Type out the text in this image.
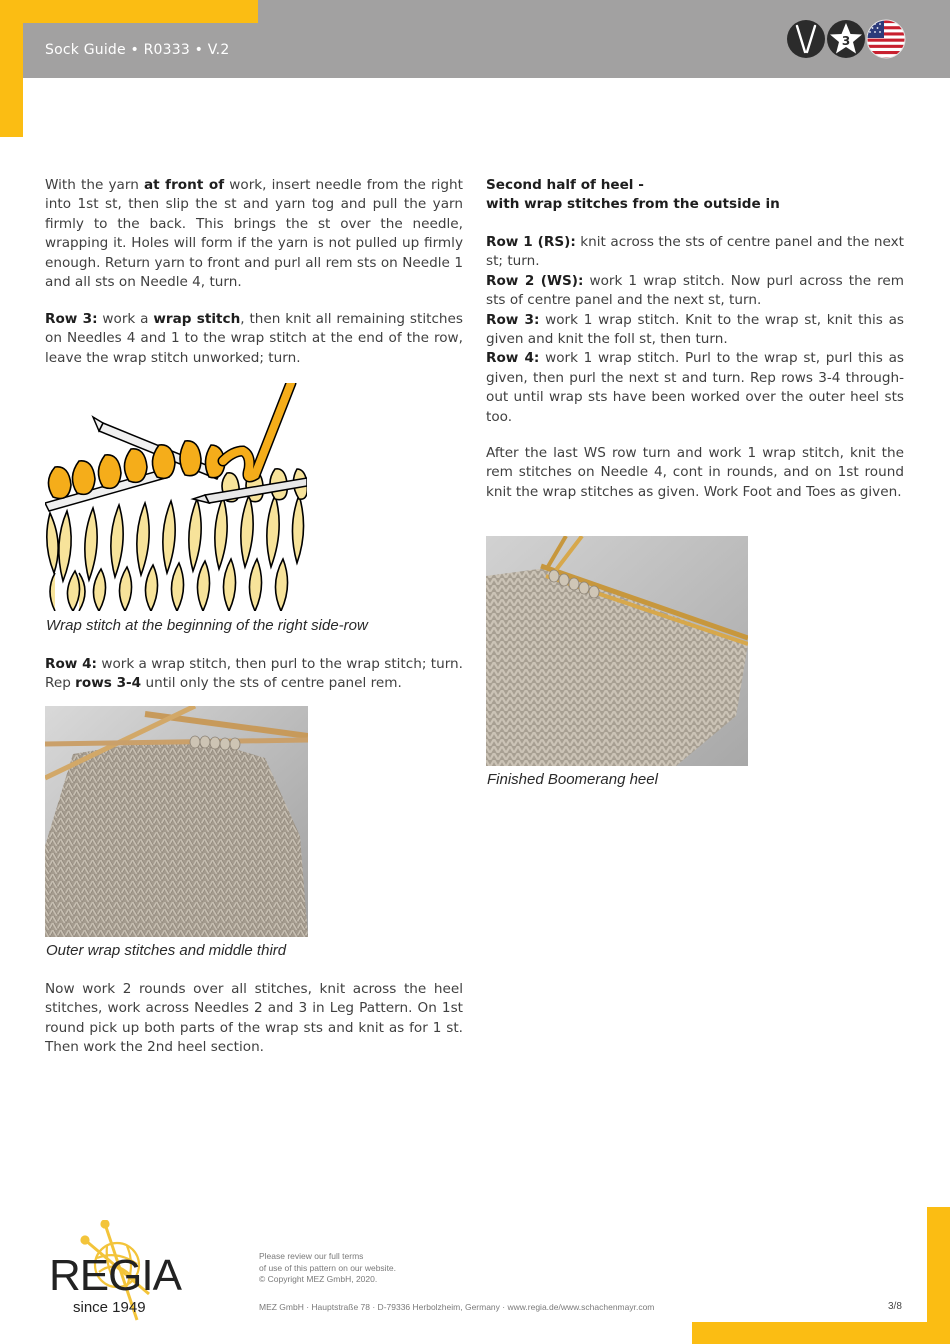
Sock Guide • R0333 • V.2
3

With the yarn at front of work, insert needle from the right into 1st st, then slip the st and yarn tog and pull the yarn firmly to the back. This brings the st over the needle, wrapping it. Holes will form if the yarn is not pulled up firmly enough. Return yarn to front and purl all rem sts on Needle 1 and all sts on Needle 4, turn.

Row 3: work a wrap stitch, then knit all remaining stitches on Needles 4 and 1 to the wrap stitch at the end of the row, leave the wrap stitch unworked; turn.

Wrap stitch at the beginning of the right side-row

Row 4: work a wrap stitch, then purl to the wrap stitch; turn. Rep rows 3-4 until only the sts of centre panel rem.

Outer wrap stitches and middle third

Now work 2 rounds over all stitches, knit across the heel stitches, work across Needles 2 and 3 in Leg Pattern. On 1st round pick up both parts of the wrap sts and knit as for 1 st. Then work the 2nd heel section.

Second half of heel -
with wrap stitches from the outside in

Row 1 (RS): knit across the sts of centre panel and the next st; turn.

Row 2 (WS): work 1 wrap stitch. Now purl across the rem sts of centre panel and the next st, turn.

Row 3: work 1 wrap stitch. Knit to the wrap st, knit this as given and knit the foll st, then turn.

Row 4: work 1 wrap stitch. Purl to the wrap st, purl this as given, then purl the next st and turn. Rep rows 3-4 throughout until wrap sts have been worked over the outer heel sts too.

After the last WS row turn and work 1 wrap stitch, knit the rem stitches on Needle 4, cont in rounds, and on 1st round knit the wrap stitches as given. Work Foot and Toes as given.

Finished Boomerang heel
REGIA
since 1949
Please review our full terms
of use of this pattern on our website.
© Copyright MEZ GmbH, 2020.
MEZ GmbH · Hauptstraße 78 · D-79336 Herbolzheim, Germany · www.regia.de/www.schachenmayr.com	3/8
